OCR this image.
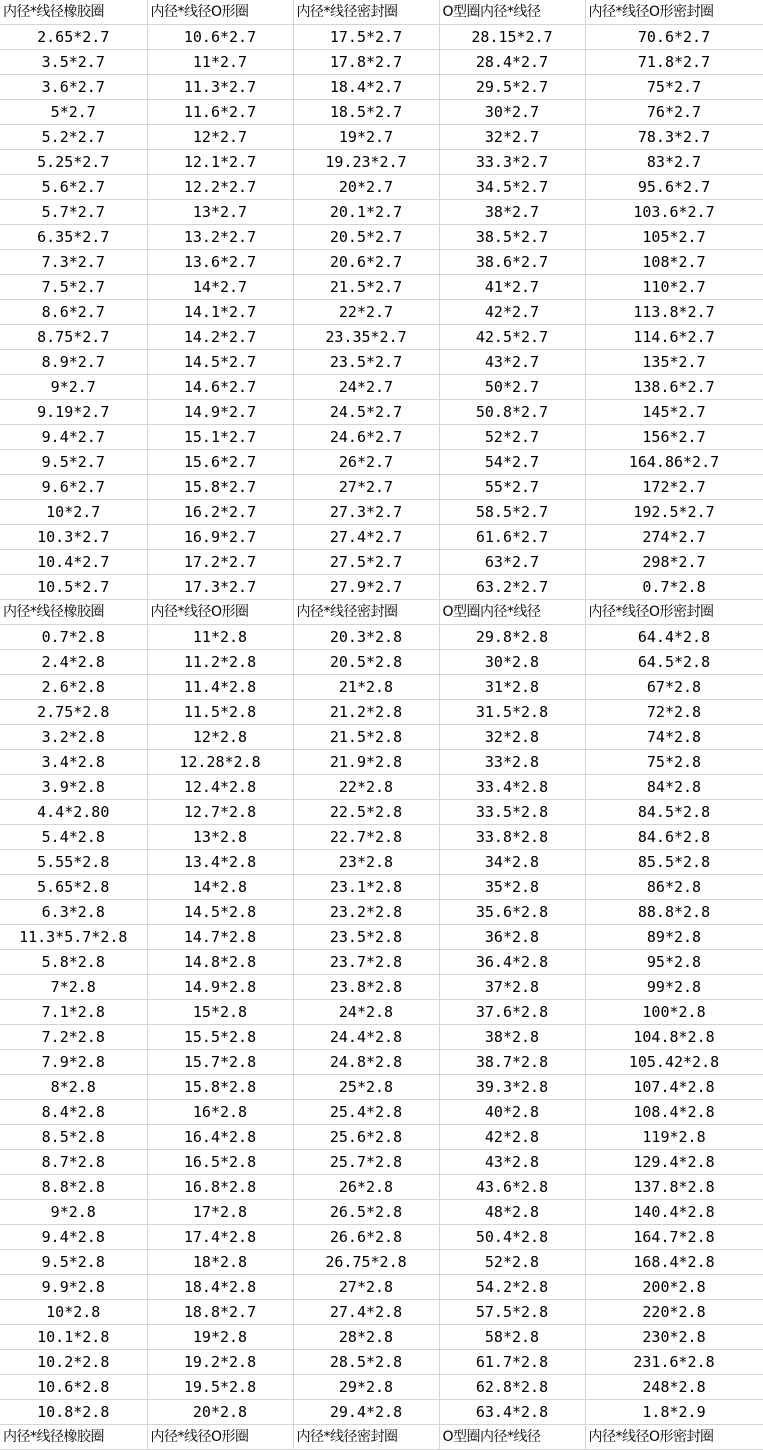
内径*线径橡胶圈	内径*线径O形圈	内径*线径密封圈	O型圈内径*线径	内径*线径O形密封圈
2.65*2.7	10.6*2.7	17.5*2.7	28.15*2.7	70.6*2.7
3.5*2.7	11*2.7	17.8*2.7	28.4*2.7	71.8*2.7
3.6*2.7	11.3*2.7	18.4*2.7	29.5*2.7	75*2.7
5*2.7	11.6*2.7	18.5*2.7	30*2.7	76*2.7
5.2*2.7	12*2.7	19*2.7	32*2.7	78.3*2.7
5.25*2.7	12.1*2.7	19.23*2.7	33.3*2.7	83*2.7
5.6*2.7	12.2*2.7	20*2.7	34.5*2.7	95.6*2.7
5.7*2.7	13*2.7	20.1*2.7	38*2.7	103.6*2.7
6.35*2.7	13.2*2.7	20.5*2.7	38.5*2.7	105*2.7
7.3*2.7	13.6*2.7	20.6*2.7	38.6*2.7	108*2.7
7.5*2.7	14*2.7	21.5*2.7	41*2.7	110*2.7
8.6*2.7	14.1*2.7	22*2.7	42*2.7	113.8*2.7
8.75*2.7	14.2*2.7	23.35*2.7	42.5*2.7	114.6*2.7
8.9*2.7	14.5*2.7	23.5*2.7	43*2.7	135*2.7
9*2.7	14.6*2.7	24*2.7	50*2.7	138.6*2.7
9.19*2.7	14.9*2.7	24.5*2.7	50.8*2.7	145*2.7
9.4*2.7	15.1*2.7	24.6*2.7	52*2.7	156*2.7
9.5*2.7	15.6*2.7	26*2.7	54*2.7	164.86*2.7
9.6*2.7	15.8*2.7	27*2.7	55*2.7	172*2.7
10*2.7	16.2*2.7	27.3*2.7	58.5*2.7	192.5*2.7
10.3*2.7	16.9*2.7	27.4*2.7	61.6*2.7	274*2.7
10.4*2.7	17.2*2.7	27.5*2.7	63*2.7	298*2.7
10.5*2.7	17.3*2.7	27.9*2.7	63.2*2.7	0.7*2.8
内径*线径橡胶圈	内径*线径O形圈	内径*线径密封圈	O型圈内径*线径	内径*线径O形密封圈
0.7*2.8	11*2.8	20.3*2.8	29.8*2.8	64.4*2.8
2.4*2.8	11.2*2.8	20.5*2.8	30*2.8	64.5*2.8
2.6*2.8	11.4*2.8	21*2.8	31*2.8	67*2.8
2.75*2.8	11.5*2.8	21.2*2.8	31.5*2.8	72*2.8
3.2*2.8	12*2.8	21.5*2.8	32*2.8	74*2.8
3.4*2.8	12.28*2.8	21.9*2.8	33*2.8	75*2.8
3.9*2.8	12.4*2.8	22*2.8	33.4*2.8	84*2.8
4.4*2.80	12.7*2.8	22.5*2.8	33.5*2.8	84.5*2.8
5.4*2.8	13*2.8	22.7*2.8	33.8*2.8	84.6*2.8
5.55*2.8	13.4*2.8	23*2.8	34*2.8	85.5*2.8
5.65*2.8	14*2.8	23.1*2.8	35*2.8	86*2.8
6.3*2.8	14.5*2.8	23.2*2.8	35.6*2.8	88.8*2.8
11.3*5.7*2.8	14.7*2.8	23.5*2.8	36*2.8	89*2.8
5.8*2.8	14.8*2.8	23.7*2.8	36.4*2.8	95*2.8
7*2.8	14.9*2.8	23.8*2.8	37*2.8	99*2.8
7.1*2.8	15*2.8	24*2.8	37.6*2.8	100*2.8
7.2*2.8	15.5*2.8	24.4*2.8	38*2.8	104.8*2.8
7.9*2.8	15.7*2.8	24.8*2.8	38.7*2.8	105.42*2.8
8*2.8	15.8*2.8	25*2.8	39.3*2.8	107.4*2.8
8.4*2.8	16*2.8	25.4*2.8	40*2.8	108.4*2.8
8.5*2.8	16.4*2.8	25.6*2.8	42*2.8	119*2.8
8.7*2.8	16.5*2.8	25.7*2.8	43*2.8	129.4*2.8
8.8*2.8	16.8*2.8	26*2.8	43.6*2.8	137.8*2.8
9*2.8	17*2.8	26.5*2.8	48*2.8	140.4*2.8
9.4*2.8	17.4*2.8	26.6*2.8	50.4*2.8	164.7*2.8
9.5*2.8	18*2.8	26.75*2.8	52*2.8	168.4*2.8
9.9*2.8	18.4*2.8	27*2.8	54.2*2.8	200*2.8
10*2.8	18.8*2.7	27.4*2.8	57.5*2.8	220*2.8
10.1*2.8	19*2.8	28*2.8	58*2.8	230*2.8
10.2*2.8	19.2*2.8	28.5*2.8	61.7*2.8	231.6*2.8
10.6*2.8	19.5*2.8	29*2.8	62.8*2.8	248*2.8
10.8*2.8	20*2.8	29.4*2.8	63.4*2.8	1.8*2.9
内径*线径橡胶圈	内径*线径O形圈	内径*线径密封圈	O型圈内径*线径	内径*线径O形密封圈
